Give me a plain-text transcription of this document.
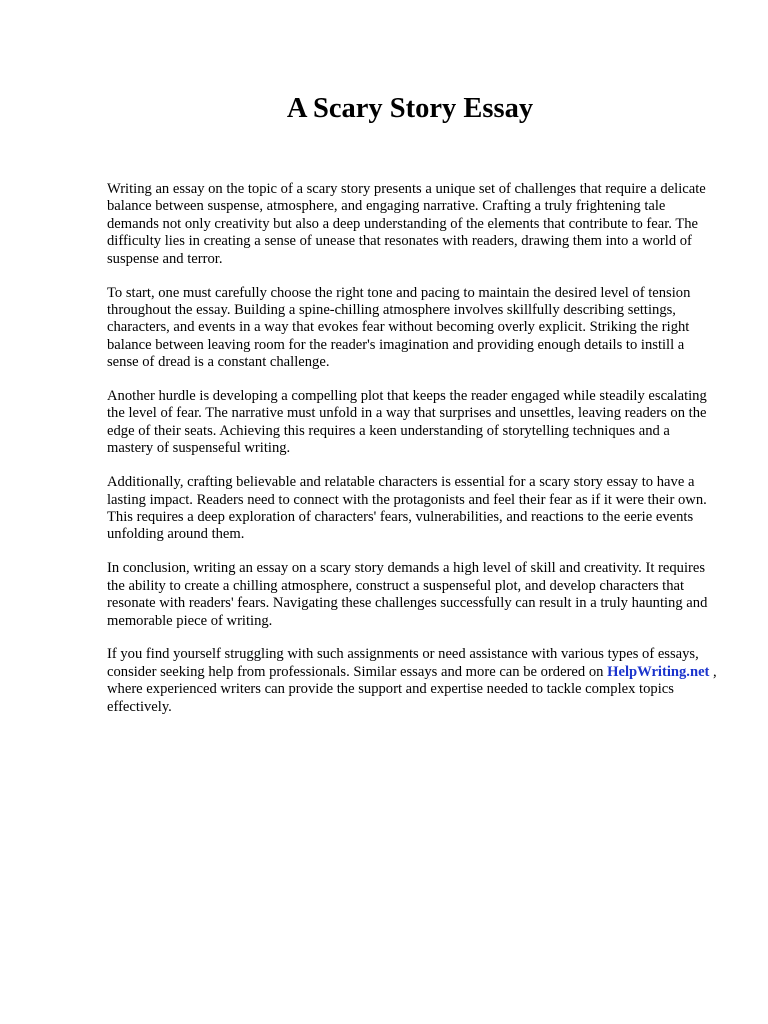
A Scary Story Essay

Writing an essay on the topic of a scary story presents a unique set of challenges that require a delicate balance between suspense, atmosphere, and engaging narrative. Crafting a truly frightening tale demands not only creativity but also a deep understanding of the elements that contribute to fear. The difficulty lies in creating a sense of unease that resonates with readers, drawing them into a world of suspense and terror.

To start, one must carefully choose the right tone and pacing to maintain the desired level of tension throughout the essay. Building a spine-chilling atmosphere involves skillfully describing settings, characters, and events in a way that evokes fear without becoming overly explicit. Striking the right balance between leaving room for the reader's imagination and providing enough details to instill a sense of dread is a constant challenge.

Another hurdle is developing a compelling plot that keeps the reader engaged while steadily escalating the level of fear. The narrative must unfold in a way that surprises and unsettles, leaving readers on the edge of their seats. Achieving this requires a keen understanding of storytelling techniques and a mastery of suspenseful writing.

Additionally, crafting believable and relatable characters is essential for a scary story essay to have a lasting impact. Readers need to connect with the protagonists and feel their fear as if it were their own. This requires a deep exploration of characters' fears, vulnerabilities, and reactions to the eerie events unfolding around them.

In conclusion, writing an essay on a scary story demands a high level of skill and creativity. It requires the ability to create a chilling atmosphere, construct a suspenseful plot, and develop characters that resonate with readers' fears. Navigating these challenges successfully can result in a truly haunting and memorable piece of writing.

If you find yourself struggling with such assignments or need assistance with various types of essays, consider seeking help from professionals. Similar essays and more can be ordered on HelpWriting.net , where experienced writers can provide the support and expertise needed to tackle complex topics effectively.
